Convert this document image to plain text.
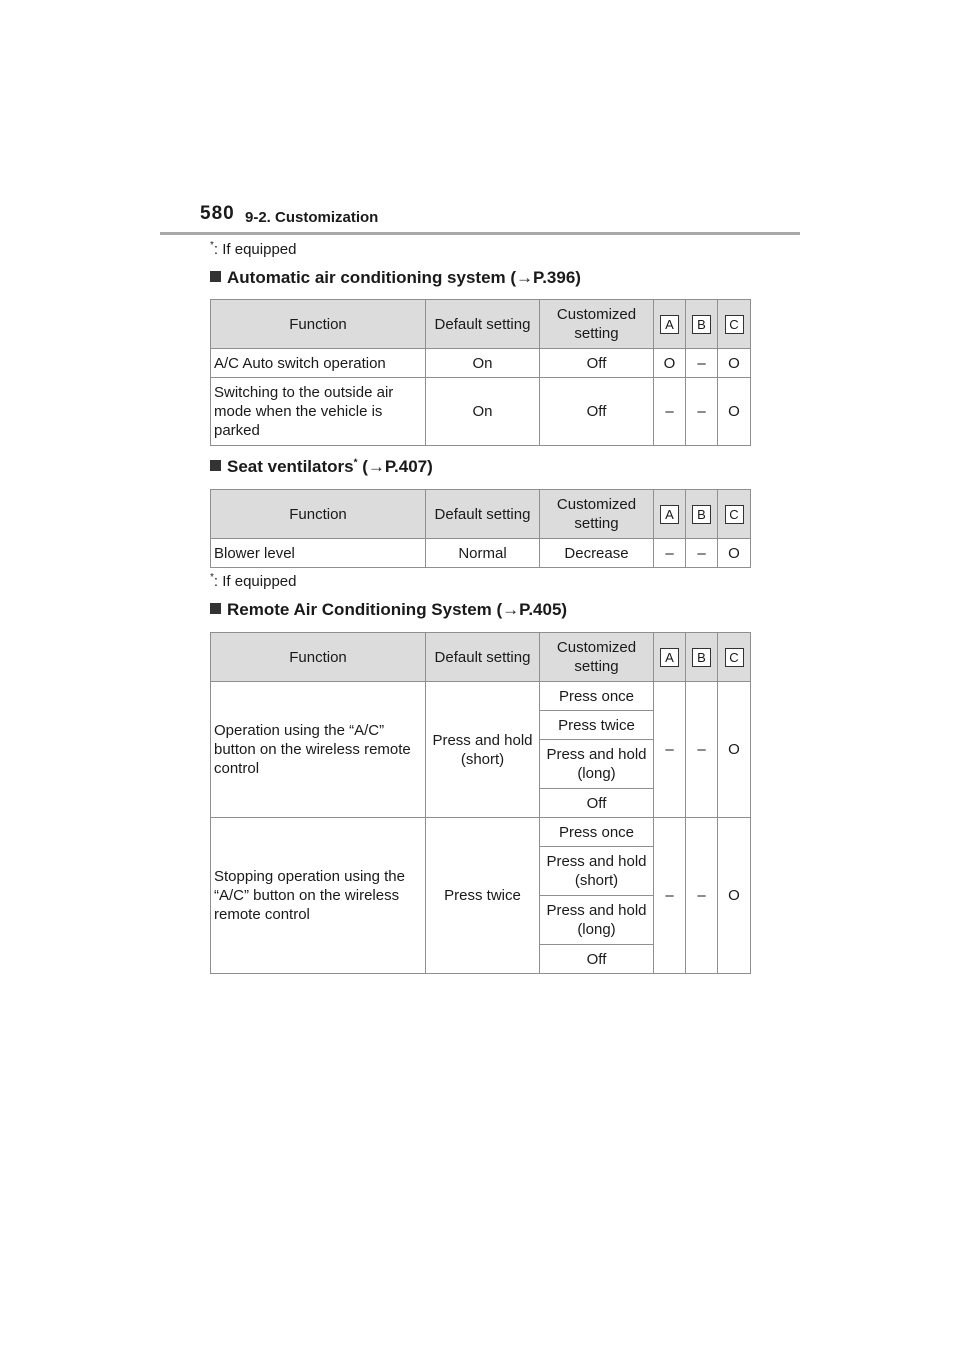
580 9-2. Customization
*: If equipped
Automatic air conditioning system (→P.396)
Function	Default setting	Customized setting	A	B	C
A/C Auto switch operation	On	Off	O	–	O
Switching to the outside air mode when the vehicle is parked	On	Off	–	–	O
Seat ventilators* (→P.407)
Function	Default setting	Customized setting	A	B	C
Blower level	Normal	Decrease	–	–	O
*: If equipped
Remote Air Conditioning System (→P.405)
Function	Default setting	Customized setting	A	B	C
Operation using the “A/C” button on the wireless remote control	Press and hold (short)	Press once	–	–	O
		Press twice			
		Press and hold (long)			
		Off			
Stopping operation using the “A/C” button on the wireless remote control	Press twice	Press once	–	–	O
		Press and hold (short)			
		Press and hold (long)			
		Off			
